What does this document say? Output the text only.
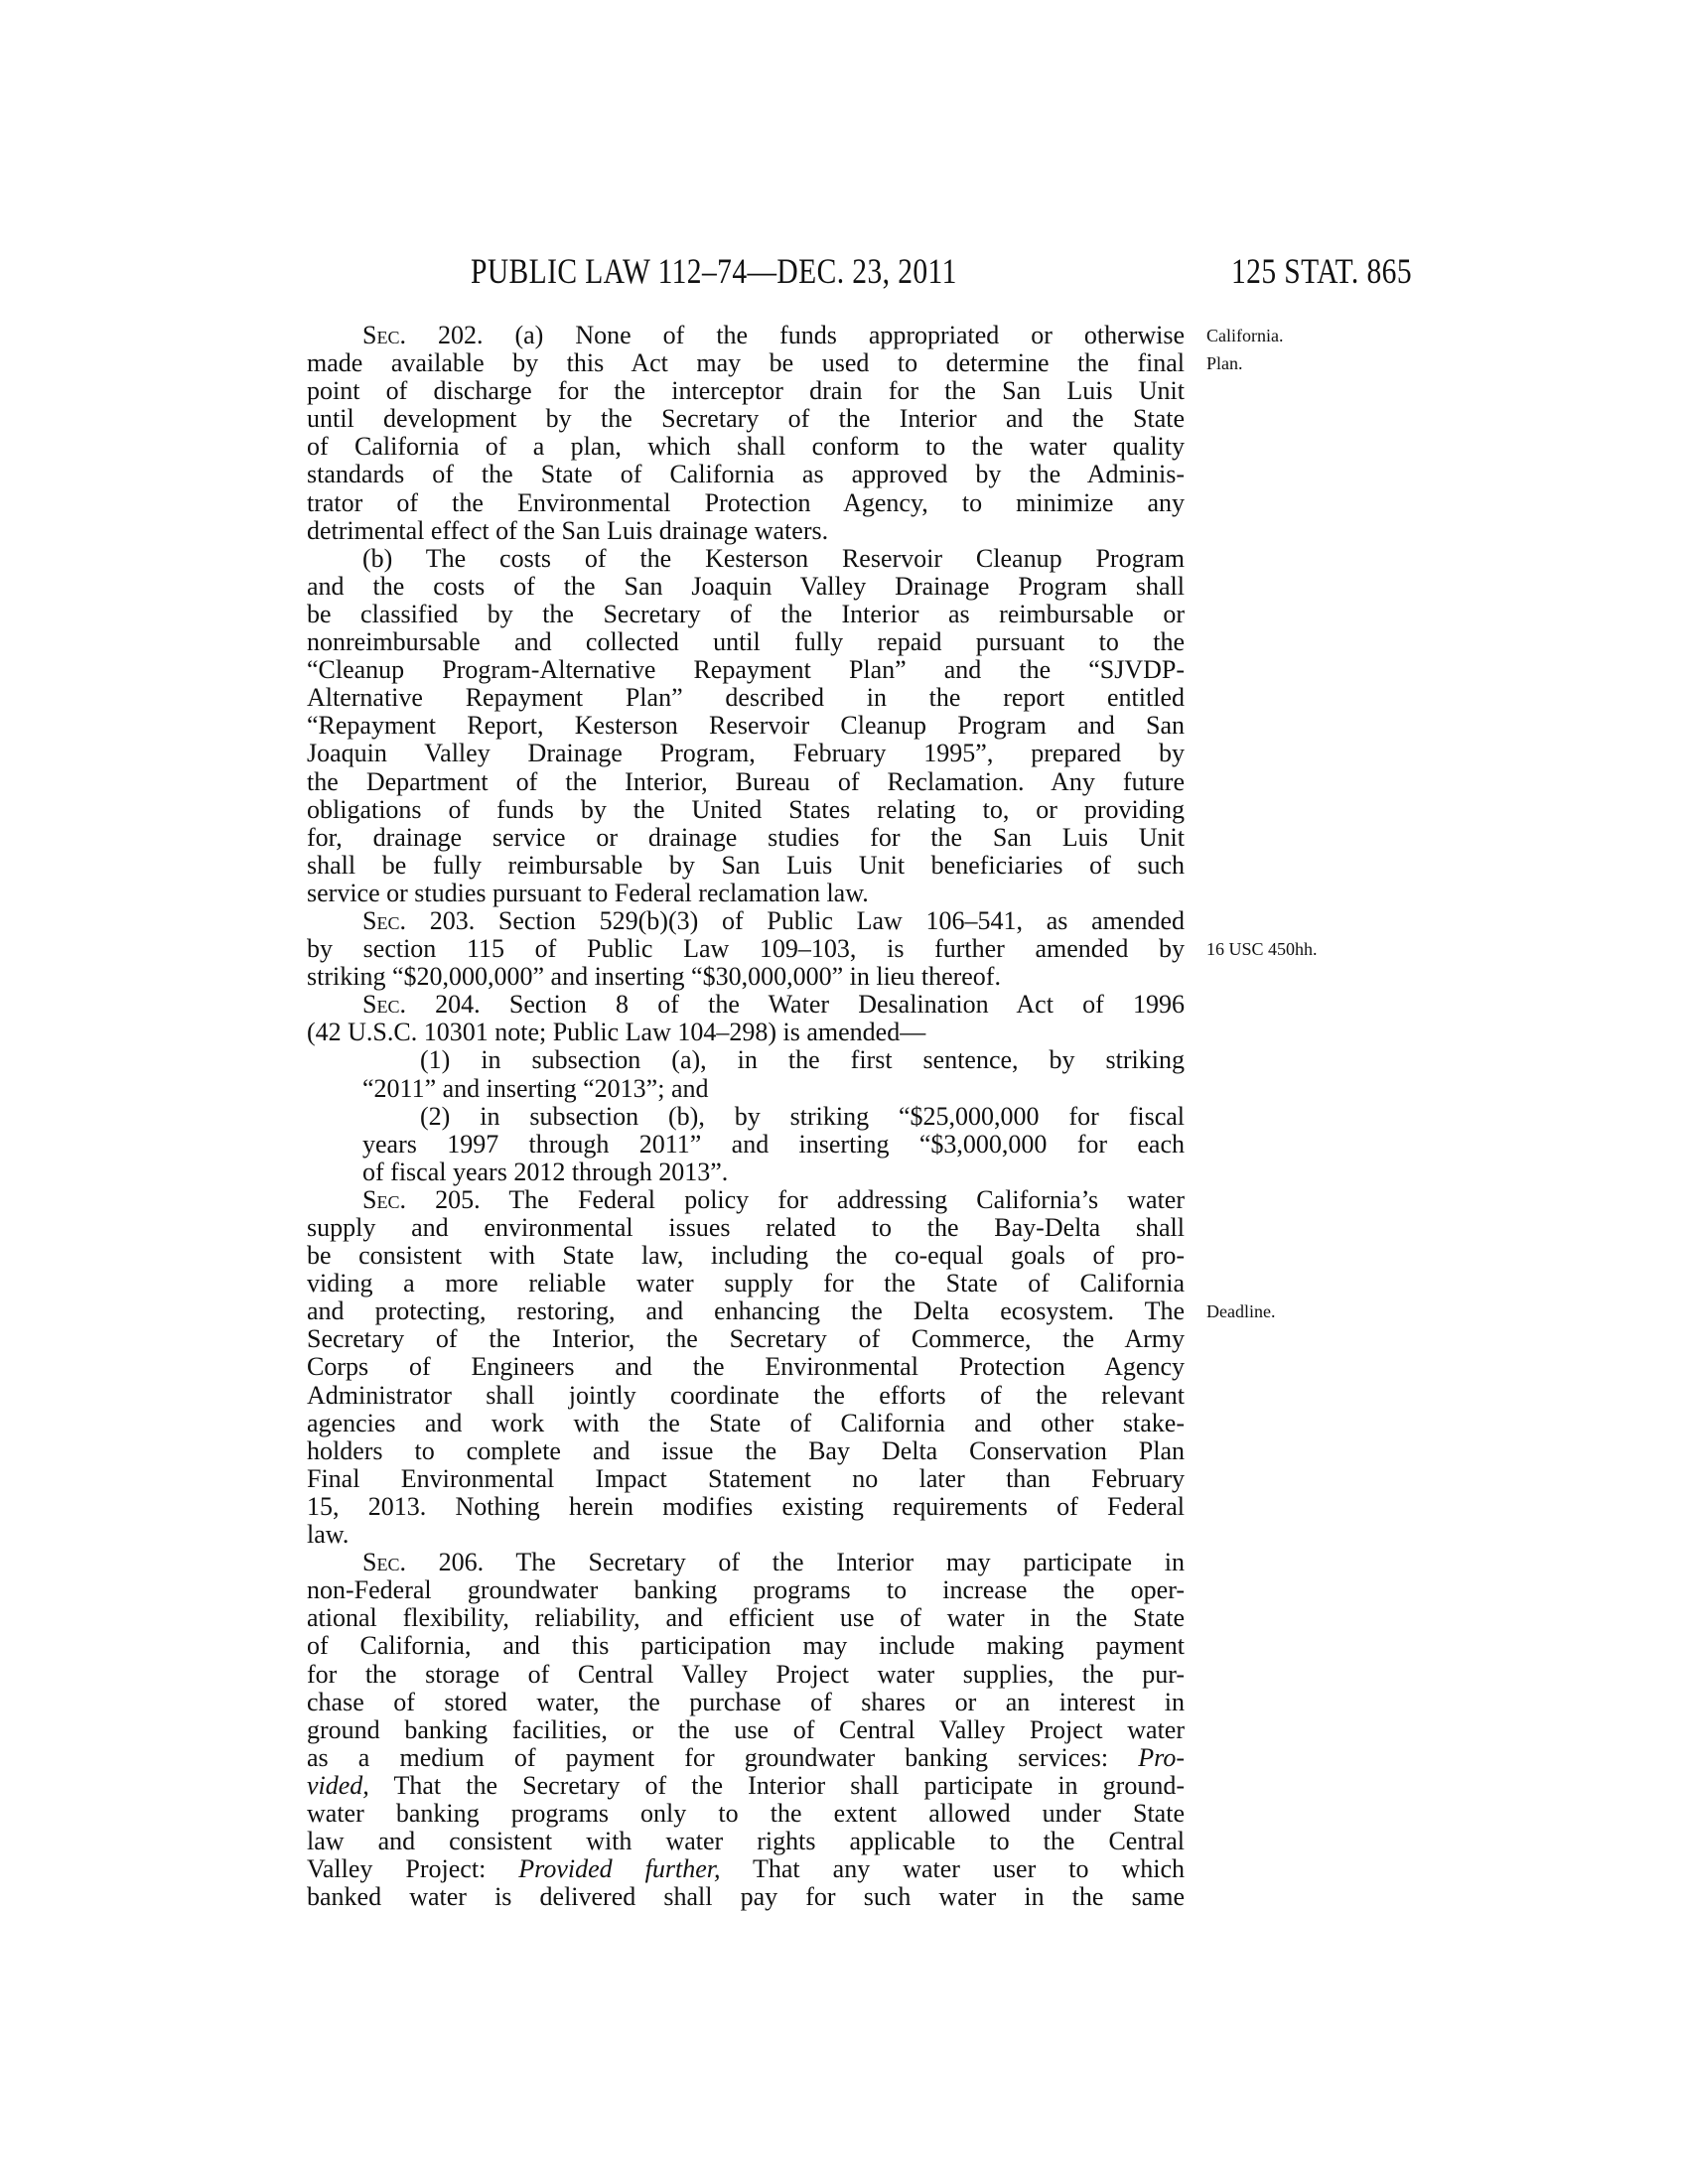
PUBLIC LAW 112–74—DEC. 23, 2011	125 STAT. 865
Sec. 202. (a) None of the funds appropriated or otherwise California.
made available by this Act may be used to determine the final Plan.
point of discharge for the interceptor drain for the San Luis Unit
until development by the Secretary of the Interior and the State
of California of a plan, which shall conform to the water quality
standards of the State of California as approved by the Adminis-
trator of the Environmental Protection Agency, to minimize any
detrimental effect of the San Luis drainage waters.
(b) The costs of the Kesterson Reservoir Cleanup Program
and the costs of the San Joaquin Valley Drainage Program shall
be classified by the Secretary of the Interior as reimbursable or
nonreimbursable and collected until fully repaid pursuant to the
“Cleanup Program-Alternative Repayment Plan” and the “SJVDP-
Alternative Repayment Plan” described in the report entitled
“Repayment Report, Kesterson Reservoir Cleanup Program and San
Joaquin Valley Drainage Program, February 1995”, prepared by
the Department of the Interior, Bureau of Reclamation. Any future
obligations of funds by the United States relating to, or providing
for, drainage service or drainage studies for the San Luis Unit
shall be fully reimbursable by San Luis Unit beneficiaries of such
service or studies pursuant to Federal reclamation law.
Sec. 203. Section 529(b)(3) of Public Law 106–541, as amended
by section 115 of Public Law 109–103, is further amended by 16 USC 450hh.
striking “$20,000,000” and inserting “$30,000,000” in lieu thereof.
Sec. 204. Section 8 of the Water Desalination Act of 1996
(42 U.S.C. 10301 note; Public Law 104–298) is amended—
(1) in subsection (a), in the first sentence, by striking
“2011” and inserting “2013”; and
(2) in subsection (b), by striking “$25,000,000 for fiscal
years 1997 through 2011” and inserting “$3,000,000 for each
of fiscal years 2012 through 2013”.
Sec. 205. The Federal policy for addressing California’s water
supply and environmental issues related to the Bay-Delta shall
be consistent with State law, including the co-equal goals of pro-
viding a more reliable water supply for the State of California
and protecting, restoring, and enhancing the Delta ecosystem. The Deadline.
Secretary of the Interior, the Secretary of Commerce, the Army
Corps of Engineers and the Environmental Protection Agency
Administrator shall jointly coordinate the efforts of the relevant
agencies and work with the State of California and other stake-
holders to complete and issue the Bay Delta Conservation Plan
Final Environmental Impact Statement no later than February
15, 2013. Nothing herein modifies existing requirements of Federal
law.
Sec. 206. The Secretary of the Interior may participate in
non-Federal groundwater banking programs to increase the oper-
ational flexibility, reliability, and efficient use of water in the State
of California, and this participation may include making payment
for the storage of Central Valley Project water supplies, the pur-
chase of stored water, the purchase of shares or an interest in
ground banking facilities, or the use of Central Valley Project water
as a medium of payment for groundwater banking services: Pro-
vided, That the Secretary of the Interior shall participate in ground-
water banking programs only to the extent allowed under State
law and consistent with water rights applicable to the Central
Valley Project: Provided further, That any water user to which
banked water is delivered shall pay for such water in the same
